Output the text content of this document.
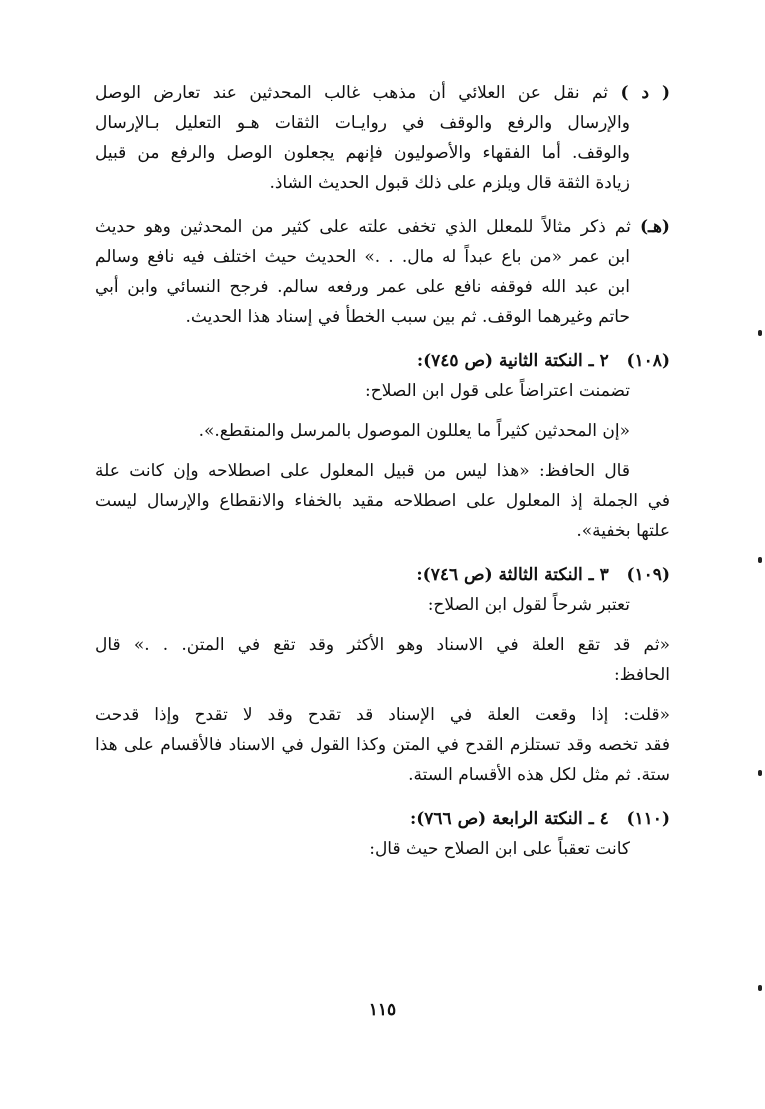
( د ) ثم نقل عن العلائي أن مذهب غالب المحدثين عند تعارض الوصل
والإرسال والرفع والوقف في روايـات الثقات هـو التعليل بـالإرسال
والوقف. أما الفقهاء والأصوليون فإنهم يجعلون الوصل والرفع من قبيل
زيادة الثقة قال ويلزم على ذلك قبول الحديث الشاذ.
(هـ) ثم ذكر مثالاً للمعلل الذي تخفى علته على كثير من المحدثين وهو حديث
ابن عمر «من باع عبداً له مال. . .» الحديث حيث اختلف فيه نافع وسالم
ابن عبد الله فوقفه نافع على عمر ورفعه سالم. فرجح النسائي وابن أبي
حاتم وغيرهما الوقف. ثم بين سبب الخطأ في إسناد هذا الحديث.
(١٠٨)   ٢ ـ النكتة الثانية (ص ٧٤٥):
تضمنت اعتراضاً على قول ابن الصلاح:
«إن المحدثين كثيراً ما يعللون الموصول بالمرسل والمنقطع.».
قال الحافظ: «هذا ليس من قبيل المعلول على اصطلاحه وإن كانت علة
في الجملة إذ المعلول على اصطلاحه مقيد بالخفاء والانقطاع والإرسال ليست
علتها بخفية».
(١٠٩)   ٣ ـ النكتة الثالثة (ص ٧٤٦):
تعتبر شرحاً لقول ابن الصلاح:
«ثم قد تقع العلة في الاسناد وهو الأكثر وقد تقع في المتن. . .» قال
الحافظ:
«قلت: إذا وقعت العلة في الإسناد قد تقدح وقد لا تقدح وإذا قدحت
فقد تخصه وقد تستلزم القدح في المتن وكذا القول في الاسناد فالأقسام على هذا
ستة. ثم مثل لكل هذه الأقسام الستة.
(١١٠)   ٤ ـ النكتة الرابعة (ص ٧٦٦):
كانت تعقباً على ابن الصلاح حيث قال:
١١٥
